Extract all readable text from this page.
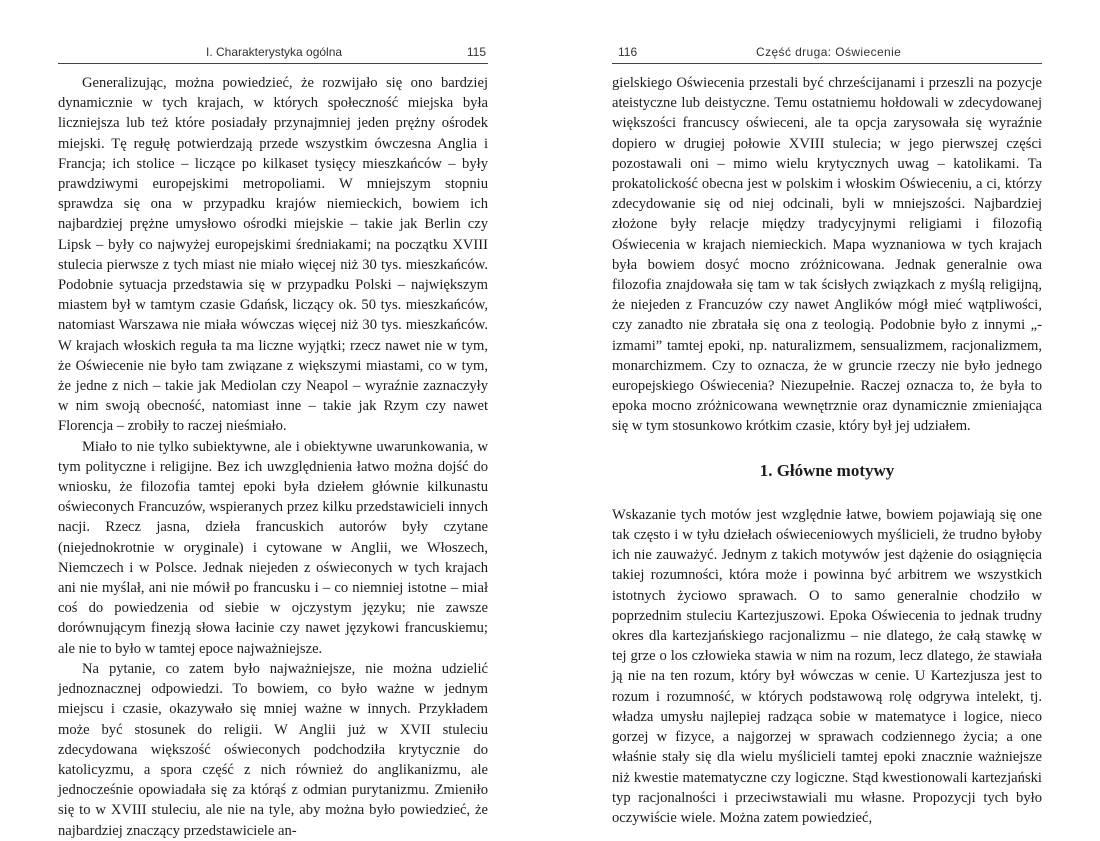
I. Charakterystyka ogólna	115

Generalizując, można powiedzieć, że rozwijało się ono bardziej dynamicznie w tych krajach, w których społeczność miejska była liczniejsza lub też które posiadały przynajmniej jeden prężny ośrodek miejski. Tę regułę potwierdzają przede wszystkim ówczesna Anglia i Francja; ich stolice – liczące po kilkaset tysięcy mieszkańców – były prawdziwymi europejskimi metropoliami. W mniejszym stopniu sprawdza się ona w przypadku krajów niemieckich, bowiem ich najbardziej prężne umysłowo ośrodki miejskie – takie jak Berlin czy Lipsk – były co najwyżej europejskimi średniakami; na początku XVIII stulecia pierwsze z tych miast nie miało więcej niż 30 tys. mieszkańców. Podobnie sytuacja przedstawia się w przypadku Polski – największym miastem był w tamtym czasie Gdańsk, liczący ok. 50 tys. mieszkańców, natomiast Warszawa nie miała wówczas więcej niż 30 tys. mieszkańców. W krajach włoskich reguła ta ma liczne wyjątki; rzecz nawet nie w tym, że Oświecenie nie było tam związane z większymi miastami, co w tym, że jedne z nich – takie jak Mediolan czy Neapol – wyraźnie zaznaczyły w nim swoją obecność, natomiast inne – takie jak Rzym czy nawet Florencja – zrobiły to raczej nieśmiało.

Miało to nie tylko subiektywne, ale i obiektywne uwarunkowania, w tym polityczne i religijne. Bez ich uwzględnienia łatwo można dojść do wniosku, że filozofia tamtej epoki była dziełem głównie kilkunastu oświeconych Francuzów, wspieranych przez kilku przedstawicieli innych nacji. Rzecz jasna, dzieła francuskich autorów były czytane (niejednokrotnie w oryginale) i cytowane w Anglii, we Włoszech, Niemczech i w Polsce. Jednak niejeden z oświeconych w tych krajach ani nie myślał, ani nie mówił po francusku i – co niemniej istotne – miał coś do powiedzenia od siebie w ojczystym języku; nie zawsze dorównującym finezją słowa łacinie czy nawet językowi francuskiemu; ale nie to było w tamtej epoce najważniejsze.

Na pytanie, co zatem było najważniejsze, nie można udzielić jednoznacznej odpowiedzi. To bowiem, co było ważne w jednym miejscu i czasie, okazywało się mniej ważne w innych. Przykładem może być stosunek do religii. W Anglii już w XVII stuleciu zdecydowana większość oświeconych podchodziła krytycznie do katolicyzmu, a spora część z nich również do anglikanizmu, ale jednocześnie opowiadała się za którąś z odmian purytanizmu. Zmieniło się to w XVIII stuleciu, ale nie na tyle, aby można było powiedzieć, że najbardziej znaczący przedstawiciele an-

116	Część druga: Oświecenie

gielskiego Oświecenia przestali być chrześcijanami i przeszli na pozycje ateistyczne lub deistyczne. Temu ostatniemu hołdowali w zdecydowanej większości francuscy oświeceni, ale ta opcja zarysowała się wyraźnie dopiero w drugiej połowie XVIII stulecia; w jego pierwszej części pozostawali oni – mimo wielu krytycznych uwag – katolikami. Ta prokatolickość obecna jest w polskim i włoskim Oświeceniu, a ci, którzy zdecydowanie się od niej odcinali, byli w mniejszości. Najbardziej złożone były relacje między tradycyjnymi religiami i filozofią Oświecenia w krajach niemieckich. Mapa wyznaniowa w tych krajach była bowiem dosyć mocno zróżnicowana. Jednak generalnie owa filozofia znajdowała się tam w tak ścisłych związkach z myślą religijną, że niejeden z Francuzów czy nawet Anglików mógł mieć wątpliwości, czy zanadto nie zbratała się ona z teologią. Podobnie było z innymi „-izmami” tamtej epoki, np. naturalizmem, sensualizmem, racjonalizmem, monarchizmem. Czy to oznacza, że w gruncie rzeczy nie było jednego europejskiego Oświecenia? Niezupełnie. Raczej oznacza to, że była to epoka mocno zróżnicowana wewnętrznie oraz dynamicznie zmieniająca się w tym stosunkowo krótkim czasie, który był jej udziałem.

1. Główne motywy

Wskazanie tych motów jest względnie łatwe, bowiem pojawiają się one tak często i w tyłu dziełach oświeceniowych myślicieli, że trudno byłoby ich nie zauważyć. Jednym z takich motywów jest dążenie do osiągnięcia takiej rozumności, która może i powinna być arbitrem we wszystkich istotnych życiowo sprawach. O to samo generalnie chodziło w poprzednim stuleciu Kartezjuszowi. Epoka Oświecenia to jednak trudny okres dla kartezjańskiego racjonalizmu – nie dlatego, że całą stawkę w tej grze o los człowieka stawia w nim na rozum, lecz dlatego, że stawiała ją nie na ten rozum, który był wówczas w cenie. U Kartezjusza jest to rozum i rozumność, w których podstawową rolę odgrywa intelekt, tj. władza umysłu najlepiej radząca sobie w matematyce i logice, nieco gorzej w fizyce, a najgorzej w sprawach codziennego życia; a one właśnie stały się dla wielu myślicieli tamtej epoki znacznie ważniejsze niż kwestie matematyczne czy logiczne. Stąd kwestionowali kartezjański typ racjonalności i przeciwstawiali mu własne. Propozycji tych było oczywiście wiele. Można zatem powiedzieć,
